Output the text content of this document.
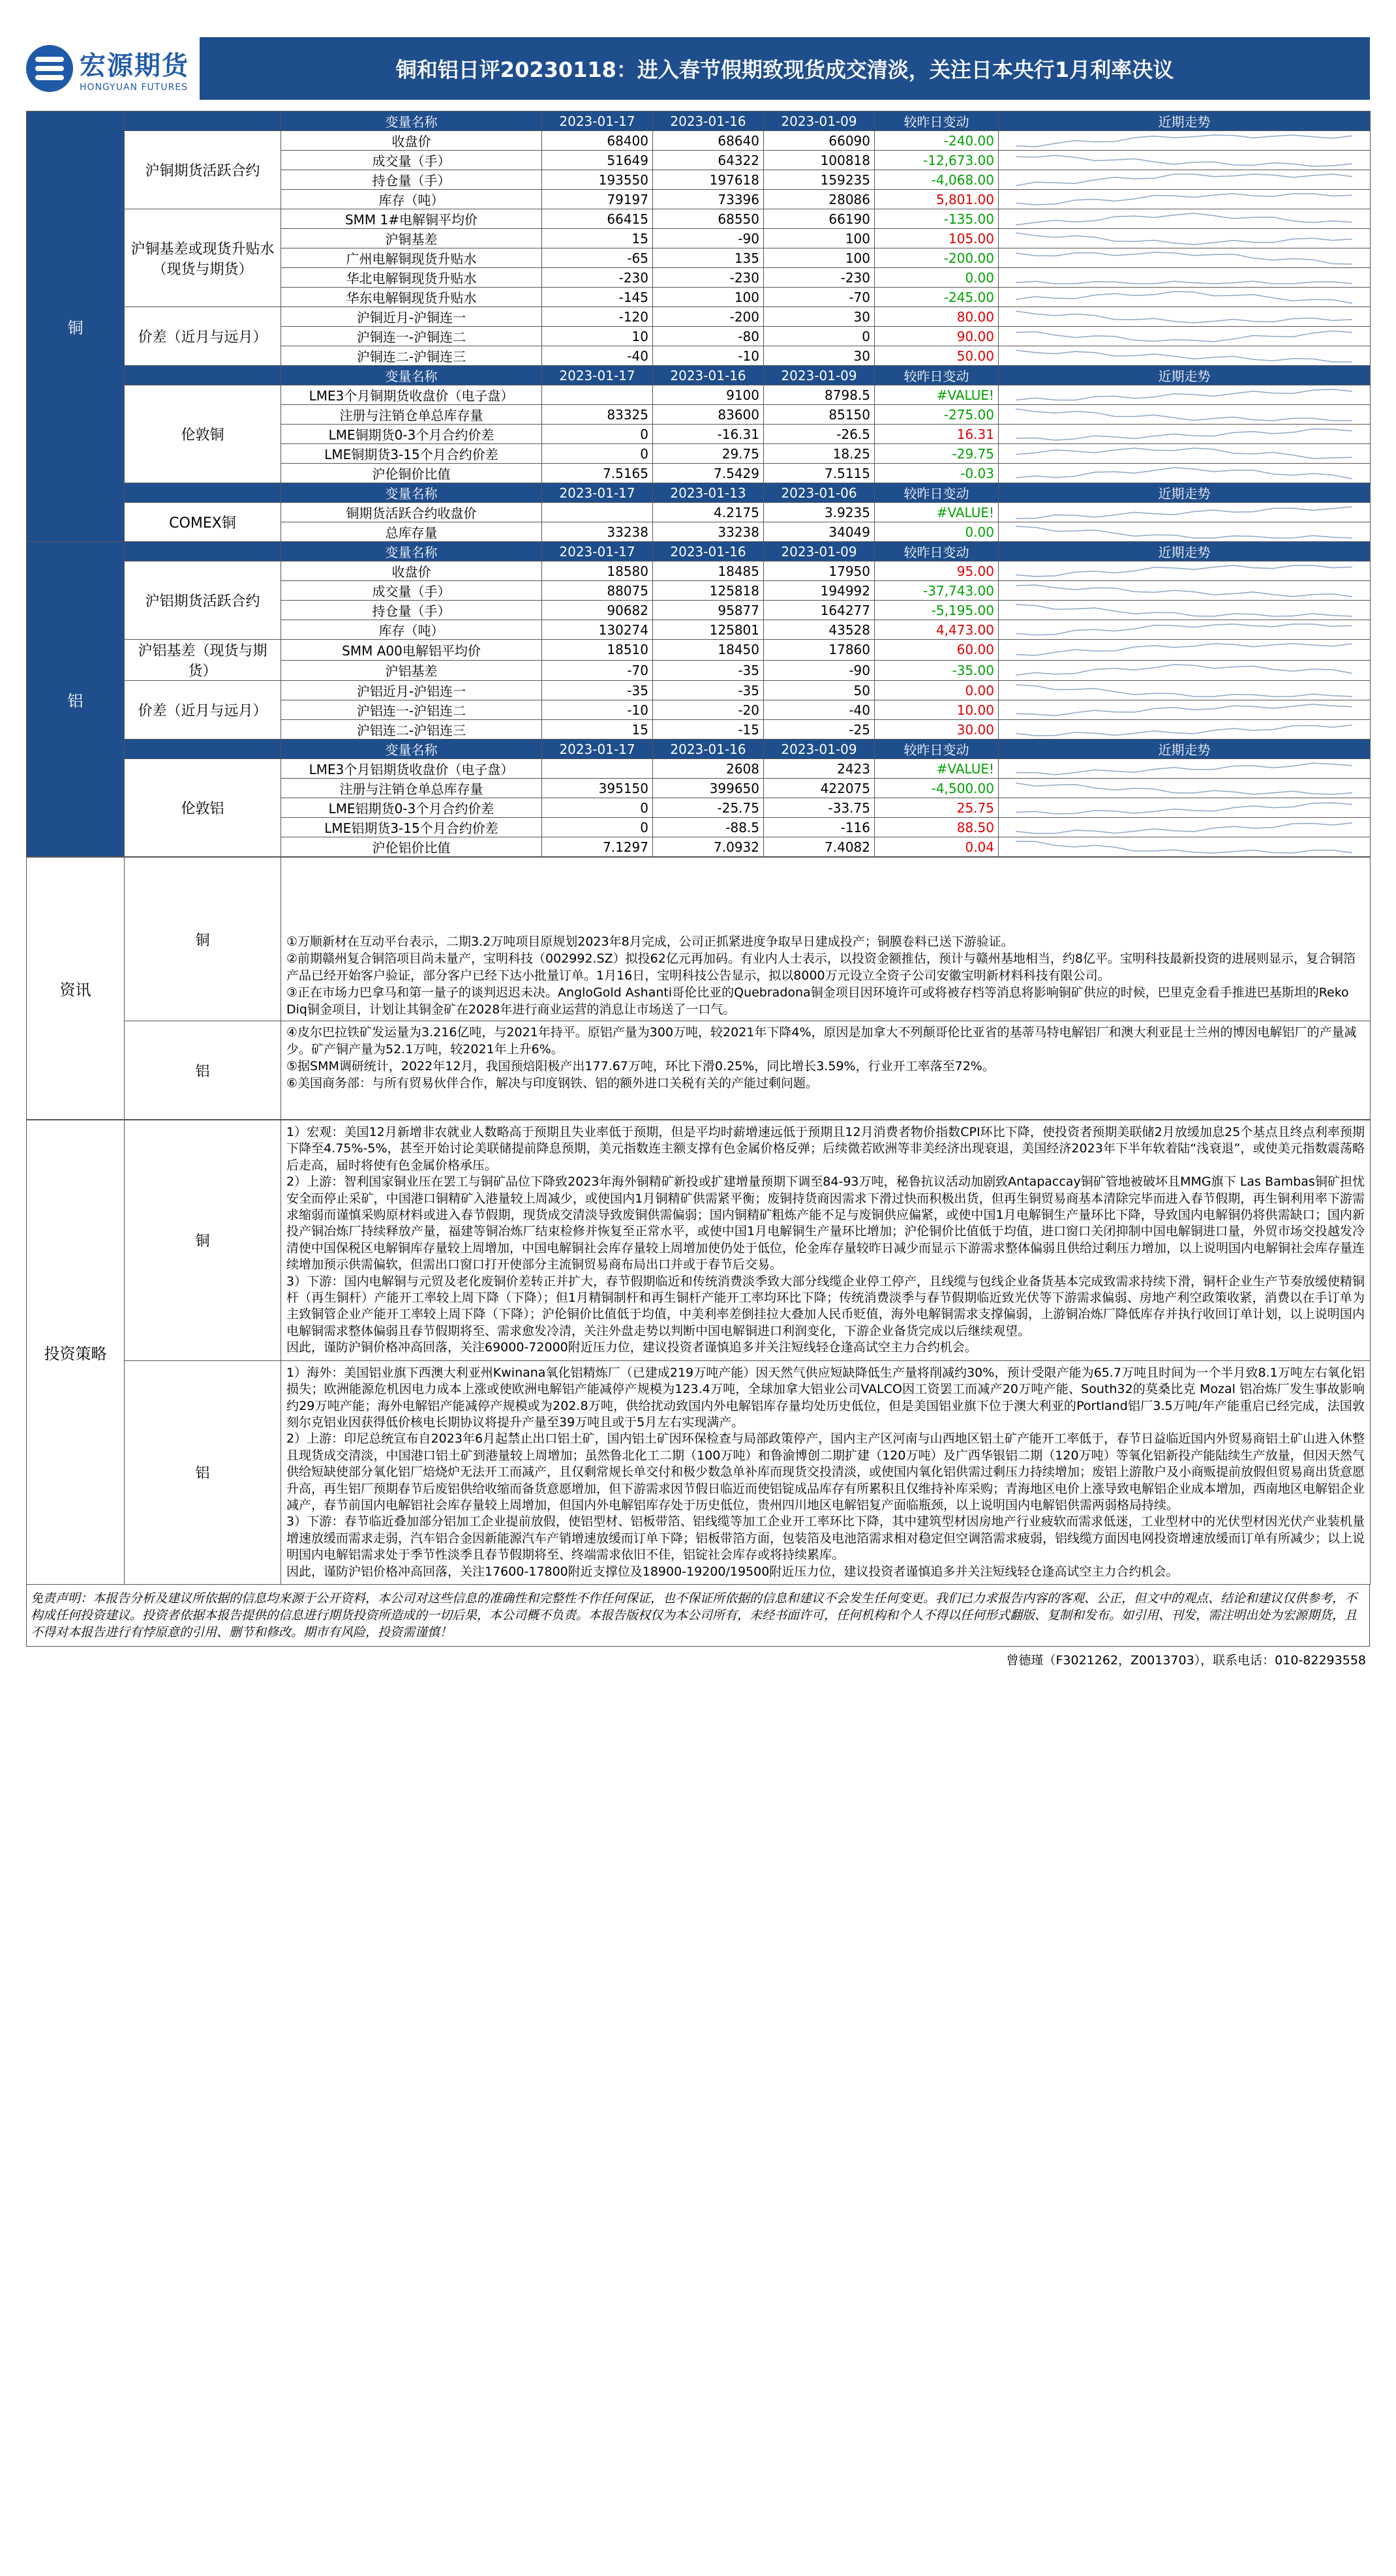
宏源期货
HONGYUAN FUTURES
铜和铝日评20230118：进入春节假期致现货成交清淡，关注日本央行1月利率决议
铜		变量名称	2023-01-17	2023-01-16	2023-01-09	较昨日变动	近期走势
	沪铜期货活跃合约	收盘价	68400	68640	66090	-240.00	

		成交量（手）	51649	64322	100818	-12,673.00	

		持仓量（手）	193550	197618	159235	-4,068.00	

		库存（吨）	79197	73396	28086	5,801.00	

	沪铜基差或现货升贴水（现货与期货）	SMM 1#电解铜平均价	66415	68550	66190	-135.00	

		沪铜基差	15	-90	100	105.00	

		广州电解铜现货升贴水	-65	135	100	-200.00	

		华北电解铜现货升贴水	-230	-230	-230	0.00	

		华东电解铜现货升贴水	-145	100	-70	-245.00	

	价差（近月与远月）	沪铜近月-沪铜连一	-120	-200	30	80.00	

		沪铜连一-沪铜连二	10	-80	0	90.00	

		沪铜连二-沪铜连三	-40	-10	30	50.00	

		变量名称	2023-01-17	2023-01-16	2023-01-09	较昨日变动	近期走势
	伦敦铜	LME3个月铜期货收盘价（电子盘）		9100	8798.5	#VALUE!	

		注册与注销仓单总库存量	83325	83600	85150	-275.00	

		LME铜期货0-3个月合约价差	0	-16.31	-26.5	16.31	

		LME铜期货3-15个月合约价差	0	29.75	18.25	-29.75	

		沪伦铜价比值	7.5165	7.5429	7.5115	-0.03	

		变量名称	2023-01-17	2023-01-13	2023-01-06	较昨日变动	近期走势
	COMEX铜	铜期货活跃合约收盘价		4.2175	3.9235	#VALUE!	

		总库存量	33238	33238	34049	0.00	

铝		变量名称	2023-01-17	2023-01-16	2023-01-09	较昨日变动	近期走势
	沪铝期货活跃合约	收盘价	18580	18485	17950	95.00	

		成交量（手）	88075	125818	194992	-37,743.00	

		持仓量（手）	90682	95877	164277	-5,195.00	

		库存（吨）	130274	125801	43528	4,473.00	

	沪铝基差（现货与期货）	SMM A00电解铝平均价	18510	18450	17860	60.00	

		沪铝基差	-70	-35	-90	-35.00	

	价差（近月与远月）	沪铝近月-沪铝连一	-35	-35	50	0.00	

		沪铝连一-沪铝连二	-10	-20	-40	10.00	

		沪铝连二-沪铝连三	15	-15	-25	30.00	

		变量名称	2023-01-17	2023-01-16	2023-01-09	较昨日变动	近期走势
	伦敦铝	LME3个月铝期货收盘价（电子盘）		2608	2423	#VALUE!	

		注册与注销仓单总库存量	395150	399650	422075	-4,500.00	

		LME铝期货0-3个月合约价差	0	-25.75	-33.75	25.75	

		LME铝期货3-15个月合约价差	0	-88.5	-116	88.50	

		沪伦铝价比值	7.1297	7.0932	7.4082	0.04	
资讯	铜	①万顺新材在互动平台表示，二期3.2万吨项目原规划2023年8月完成，公司正抓紧进度争取早日建成投产；铜膜卷料已送下游验证。
②前期赣州复合铜箔项目尚未量产，宝明科技（002992.SZ）拟投62亿元再加码。有业内人士表示，以投资金额推估，预计与赣州基地相当，约8亿平。宝明科技最新投资的进展则显示，复合铜箔产品已经开始客户验证，部分客户已经下达小批量订单。1月16日，宝明科技公告显示，拟以8000万元设立全资子公司安徽宝明新材料科技有限公司。
③正在市场力巴拿马和第一量子的谈判迟迟未决。AngloGold Ashanti哥伦比亚的Quebradona铜金项目因环境许可或将被存档等消息将影响铜矿供应的时候，巴里克金看手推进巴基斯坦的Reko Diq铜金项目，计划让其铜金矿在2028年进行商业运营的消息让市场送了一口气。

	铝	④皮尔巴拉铁矿发运量为3.216亿吨，与2021年持平。原铝产量为300万吨，较2021年下降4%，原因是加拿大不列颠哥伦比亚省的基蒂马特电解铝厂和澳大利亚昆士兰州的博因电解铝厂的产量减少。矿产铜产量为52.1万吨，较2021年上升6%。
⑤据SMM调研统计，2022年12月，我国预焙阳极产出177.67万吨，环比下滑0.25%，同比增长3.59%，行业开工率落至72%。
⑥美国商务部：与所有贸易伙伴合作，解决与印度钢铁、铝的额外进口关税有关的产能过剩问题。
投资策略	铜	1）宏观：美国12月新增非农就业人数略高于预期且失业率低于预期，但是平均时薪增速远低于预期且12月消费者物价指数CPI环比下降，使投资者预期美联储2月放缓加息25个基点且终点利率预期下降至4.75%-5%，甚至开始讨论美联储提前降息预期，美元指数连主额支撑有色金属价格反弹；后续微若欧洲等非美经济出现衰退，美国经济2023年下半年软着陆“浅衰退”，或使美元指数震荡略后走高，届时将使有色金属价格承压。
2）上游：智利国家铜业压在罢工与铜矿品位下降致2023年海外铜精矿新投或扩建增量预期下调至84-93万吨，秘鲁抗议活动加剧致Antapaccay铜矿管地被破坏且MMG旗下 Las Bambas铜矿担忧安全而停止采矿，中国港口铜精矿入港量较上周减少，或使国内1月铜精矿供需紧平衡；废铜持货商因需求下滑过快而积极出货，但再生铜贸易商基本清除完毕而进入春节假期，再生铜利用率下游需求缩弱而谨慎采购原材料或进入春节假期，现货成交清淡导致废铜供需偏弱；国内铜精矿粗炼产能不足与废铜供应偏紧，或使中国1月电解铜生产量环比下降，导致国内电解铜仍将供需缺口；国内新投产铜冶炼厂持续释放产量，福建等铜冶炼厂结束检修并恢复至正常水平，或使中国1月电解铜生产量环比增加；沪伦铜价比值低于均值，进口窗口关闭抑制中国电解铜进口量，外贸市场交投越发冷清使中国保税区电解铜库存量较上周增加，中国电解铜社会库存量较上周增加使仍处于低位，伦金库存量较昨日减少而显示下游需求整体偏弱且供给过剩压力增加，以上说明国内电解铜社会库存量连续增加预示供需偏软，但需出口窗口打开使部分主流铜贸易商布局出口并或于春节后交易。
3）下游：国内电解铜与元贸及老化废铜价差转正并扩大，春节假期临近和传统消费淡季致大部分线缆企业停工停产，且线缆与包线企业备货基本完成致需求持续下滑，铜杆企业生产节奏放缓使精铜杆（再生铜杆）产能开工率较上周下降（下降）；但1月精铜制杆和再生铜杆产能开工率均环比下降；传统消费淡季与春节假期临近致光伏等下游需求偏弱、房地产利空政策收紧，消费以在手订单为主致铜管企业产能开工率较上周下降（下降）；沪伦铜价比值低于均值，中美利率差倒挂拉大叠加人民币贬值，海外电解铜需求支撑偏弱，上游铜冶炼厂降低库存并执行收回订单计划，以上说明国内电解铜需求整体偏弱且春节假期将至、需求愈发冷清，关注外盘走势以判断中国电解铜进口利润变化，下游企业备货完成以后继续观望。
因此，谨防沪铜价格冲高回落，关注69000-72000附近压力位，建议投资者谨慎追多并关注短线轻仓逢高试空主力合约机会。

	铝	1）海外：美国铝业旗下西澳大利亚州Kwinana氧化铝精炼厂（已建成219万吨产能）因天然气供应短缺降低生产量将削减约30%，预计受限产能为65.7万吨且时间为一个半月致8.1万吨左右氧化铝损失；欧洲能源危机因电力成本上涨或使欧洲电解铝产能减停产规模为123.4万吨，全球加拿大铝业公司VALCO因工资罢工而减产20万吨产能、South32的莫桑比克 Mozal 铝冶炼厂发生事故影响约29万吨产能；海外电解铝产能减停产规模或为202.8万吨，供给扰动致国内外电解铝库存量均处历史低位，但是美国铝业旗下位于澳大利亚的Portland铝厂3.5万吨/年产能重启已经完成，法国敦刻尔克铝业因获得低价核电长期协议将提升产量至39万吨且或于5月左右实现满产。
2）上游：印尼总统宣布自2023年6月起禁止出口铝土矿，国内铝土矿因环保检查与局部政策停产，国内主产区河南与山西地区铝土矿产能开工率低于，春节日益临近国内外贸易商铝土矿山进入休整且现货成交清淡，中国港口铝土矿到港量较上周增加；虽然鲁北化工二期（100万吨）和鲁渝博创二期扩建（120万吨）及广西华银铝二期（120万吨）等氧化铝新投产能陆续生产放量，但因天然气供给短缺使部分氧化铝厂焙烧炉无法开工而减产，且仅剩常规长单交付和极少数急单补库而现货交投清淡，或使国内氧化铝供需过剩压力持续增加；废铝上游散户及小商贩提前放假但贸易商出货意愿升高，再生铝厂预期春节后废铝供给收缩而备货意愿增加，但下游需求因节假日临近而使铝锭成品库存有所累积且仅维持补库采购；青海地区电价上涨导致电解铝企业成本增加，西南地区电解铝企业减产，春节前国内电解铝社会库存量较上周增加，但国内外电解铝库存处于历史低位，贵州四川地区电解铝复产面临瓶颈，以上说明国内电解铝供需两弱格局持续。
3）下游：春节临近叠加部分铝加工企业提前放假，使铝型材、铝板带箔、铝线缆等加工企业开工率环比下降，其中建筑型材因房地产行业疲软而需求低迷，工业型材中的光伏型材因光伏产业装机量增速放缓而需求走弱，汽车铝合金因新能源汽车产销增速放缓而订单下降；铝板带箔方面，包装箔及电池箔需求相对稳定但空调箔需求疲弱，铝线缆方面因电网投资增速放缓而订单有所减少；以上说明国内电解铝需求处于季节性淡季且春节假期将至、终端需求依旧不佳，铝锭社会库存或将持续累库。
因此，谨防沪铝价格冲高回落，关注17600-17800附近支撑位及18900-19200/19500附近压力位，建议投资者谨慎追多并关注短线轻仓逢高试空主力合约机会。
免责声明：本报告分析及建议所依据的信息均来源于公开资料，本公司对这些信息的准确性和完整性不作任何保证，也不保证所依据的信息和建议不会发生任何变更。我们已力求报告内容的客观、公正，但文中的观点、结论和建议仅供参考，不构成任何投资建议。投资者依据本报告提供的信息进行期货投资所造成的一切后果，本公司概不负责。本报告版权仅为本公司所有，未经书面许可，任何机构和个人不得以任何形式翻版、复制和发布。如引用、刊发，需注明出处为宏源期货，且不得对本报告进行有悖原意的引用、删节和修改。期市有风险，投资需谨慎！
曾德瑾（F3021262，Z0013703），联系电话：010-82293558
